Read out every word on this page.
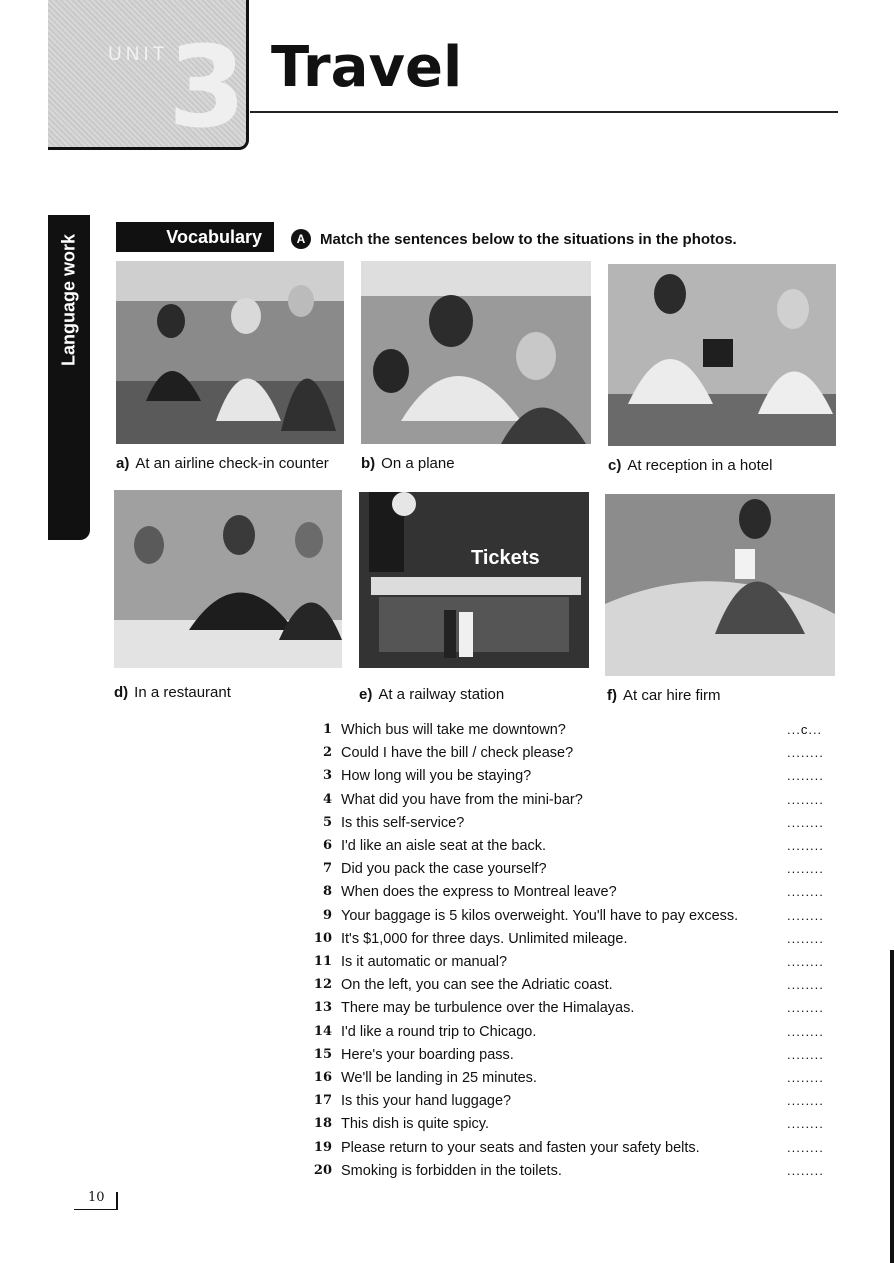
UNIT 3 Travel
Language work	Vocabulary	A Match the sentences below to the situations in the photos.
a) At an airline check-in counter b) On a plane	c) At reception in a hotel
Tickets
d) In a restaurant	e) At a railway station	f) At car hire firm
1 Which bus will take me downtown?	...c...
2 Could I have the bill / check please?	........
3 How long will you be staying?	........
4 What did you have from the mini-bar?	........
5 Is this self-service?	........
6 I'd like an aisle seat at the back.	........
7 Did you pack the case yourself?	........
8 When does the express to Montreal leave?	........
9 Your baggage is 5 kilos overweight. You'll have to pay excess.	........
10 It's $1,000 for three days. Unlimited mileage.	........
11 Is it automatic or manual?	........
12 On the left, you can see the Adriatic coast.	........
13 There may be turbulence over the Himalayas.	........
14 I'd like a round trip to Chicago.	........
15 Here's your boarding pass.	........
16 We'll be landing in 25 minutes.	........
17 Is this your hand luggage?	........
18 This dish is quite spicy.	........
19 Please return to your seats and fasten your safety belts.	........
20 Smoking is forbidden in the toilets.	........
10
